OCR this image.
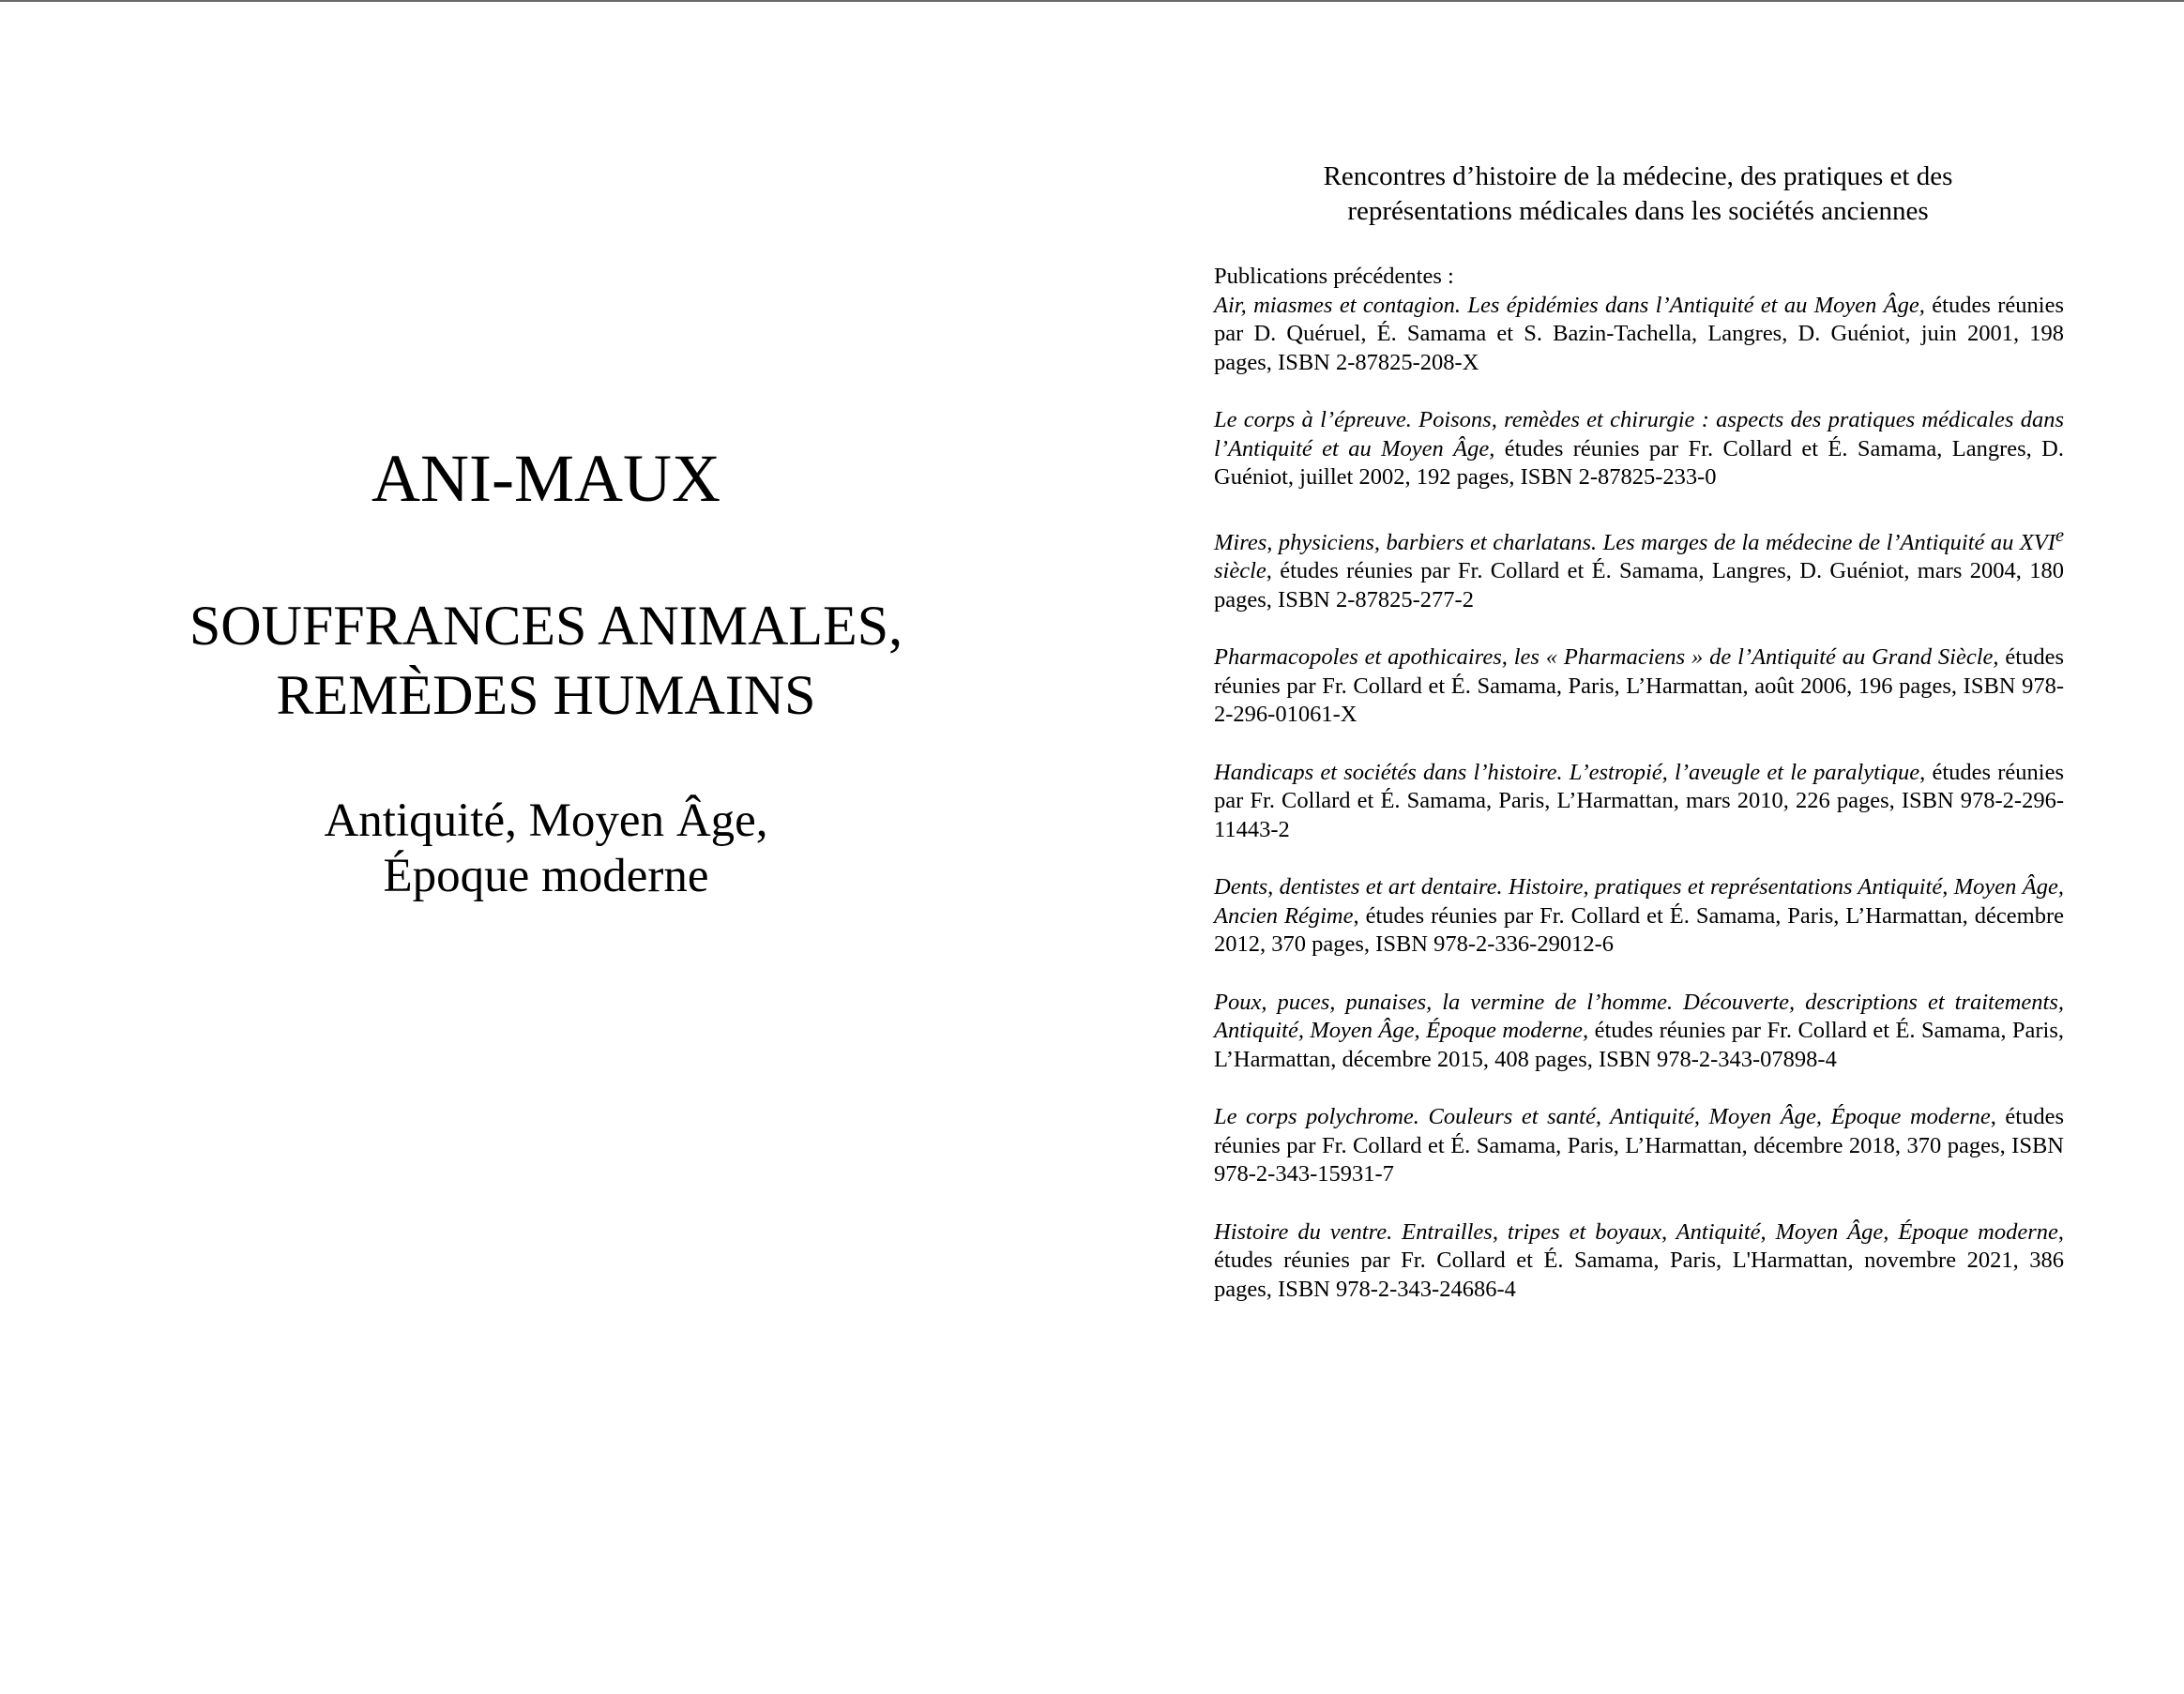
ANI-MAUX
SOUFFRANCES ANIMALES,
REMÈDES HUMAINS
Antiquité, Moyen Âge,
Époque moderne
Rencontres d’histoire de la médecine, des pratiques et des
représentations médicales dans les sociétés anciennes

Publications précédentes :

Air, miasmes et contagion. Les épidémies dans l’Antiquité et au Moyen Âge, études réunies par D. Quéruel, É. Samama et S. Bazin-Tachella, Langres, D. Guéniot, juin 2001, 198 pages, ISBN 2-87825-208-X

Le corps à l’épreuve. Poisons, remèdes et chirurgie : aspects des pratiques médicales dans l’Antiquité et au Moyen Âge, études réunies par Fr. Collard et É. Samama, Langres, D. Guéniot, juillet 2002, 192 pages, ISBN 2-87825-233-0

Mires, physiciens, barbiers et charlatans. Les marges de la médecine de l’Antiquité au XVIe siècle, études réunies par Fr. Collard et É. Samama, Langres, D. Guéniot, mars 2004, 180 pages, ISBN 2-87825-277-2

Pharmacopoles et apothicaires, les « Pharmaciens » de l’Antiquité au Grand Siècle, études réunies par Fr. Collard et É. Samama, Paris, L’Harmattan, août 2006, 196 pages, ISBN 978-2-296-01061-X

Handicaps et sociétés dans l’histoire. L’estropié, l’aveugle et le paralytique, études réunies par Fr. Collard et É. Samama, Paris, L’Harmattan, mars 2010, 226 pages, ISBN 978-2-296-11443-2

Dents, dentistes et art dentaire. Histoire, pratiques et représentations Antiquité, Moyen Âge, Ancien Régime, études réunies par Fr. Collard et É. Samama, Paris, L’Harmattan, décembre 2012, 370 pages, ISBN 978-2-336-29012-6

Poux, puces, punaises, la vermine de l’homme. Découverte, descriptions et traitements, Antiquité, Moyen Âge, Époque moderne, études réunies par Fr. Collard et É. Samama, Paris, L’Harmattan, décembre 2015, 408 pages, ISBN 978-2-343-07898-4

Le corps polychrome. Couleurs et santé, Antiquité, Moyen Âge, Époque moderne, études réunies par Fr. Collard et É. Samama, Paris, L’Harmattan, décembre 2018, 370 pages, ISBN 978-2-343-15931-7

Histoire du ventre. Entrailles, tripes et boyaux, Antiquité, Moyen Âge, Époque moderne, études réunies par Fr. Collard et É. Samama, Paris, L'Harmattan, novembre 2021, 386 pages, ISBN 978-2-343-24686-4
